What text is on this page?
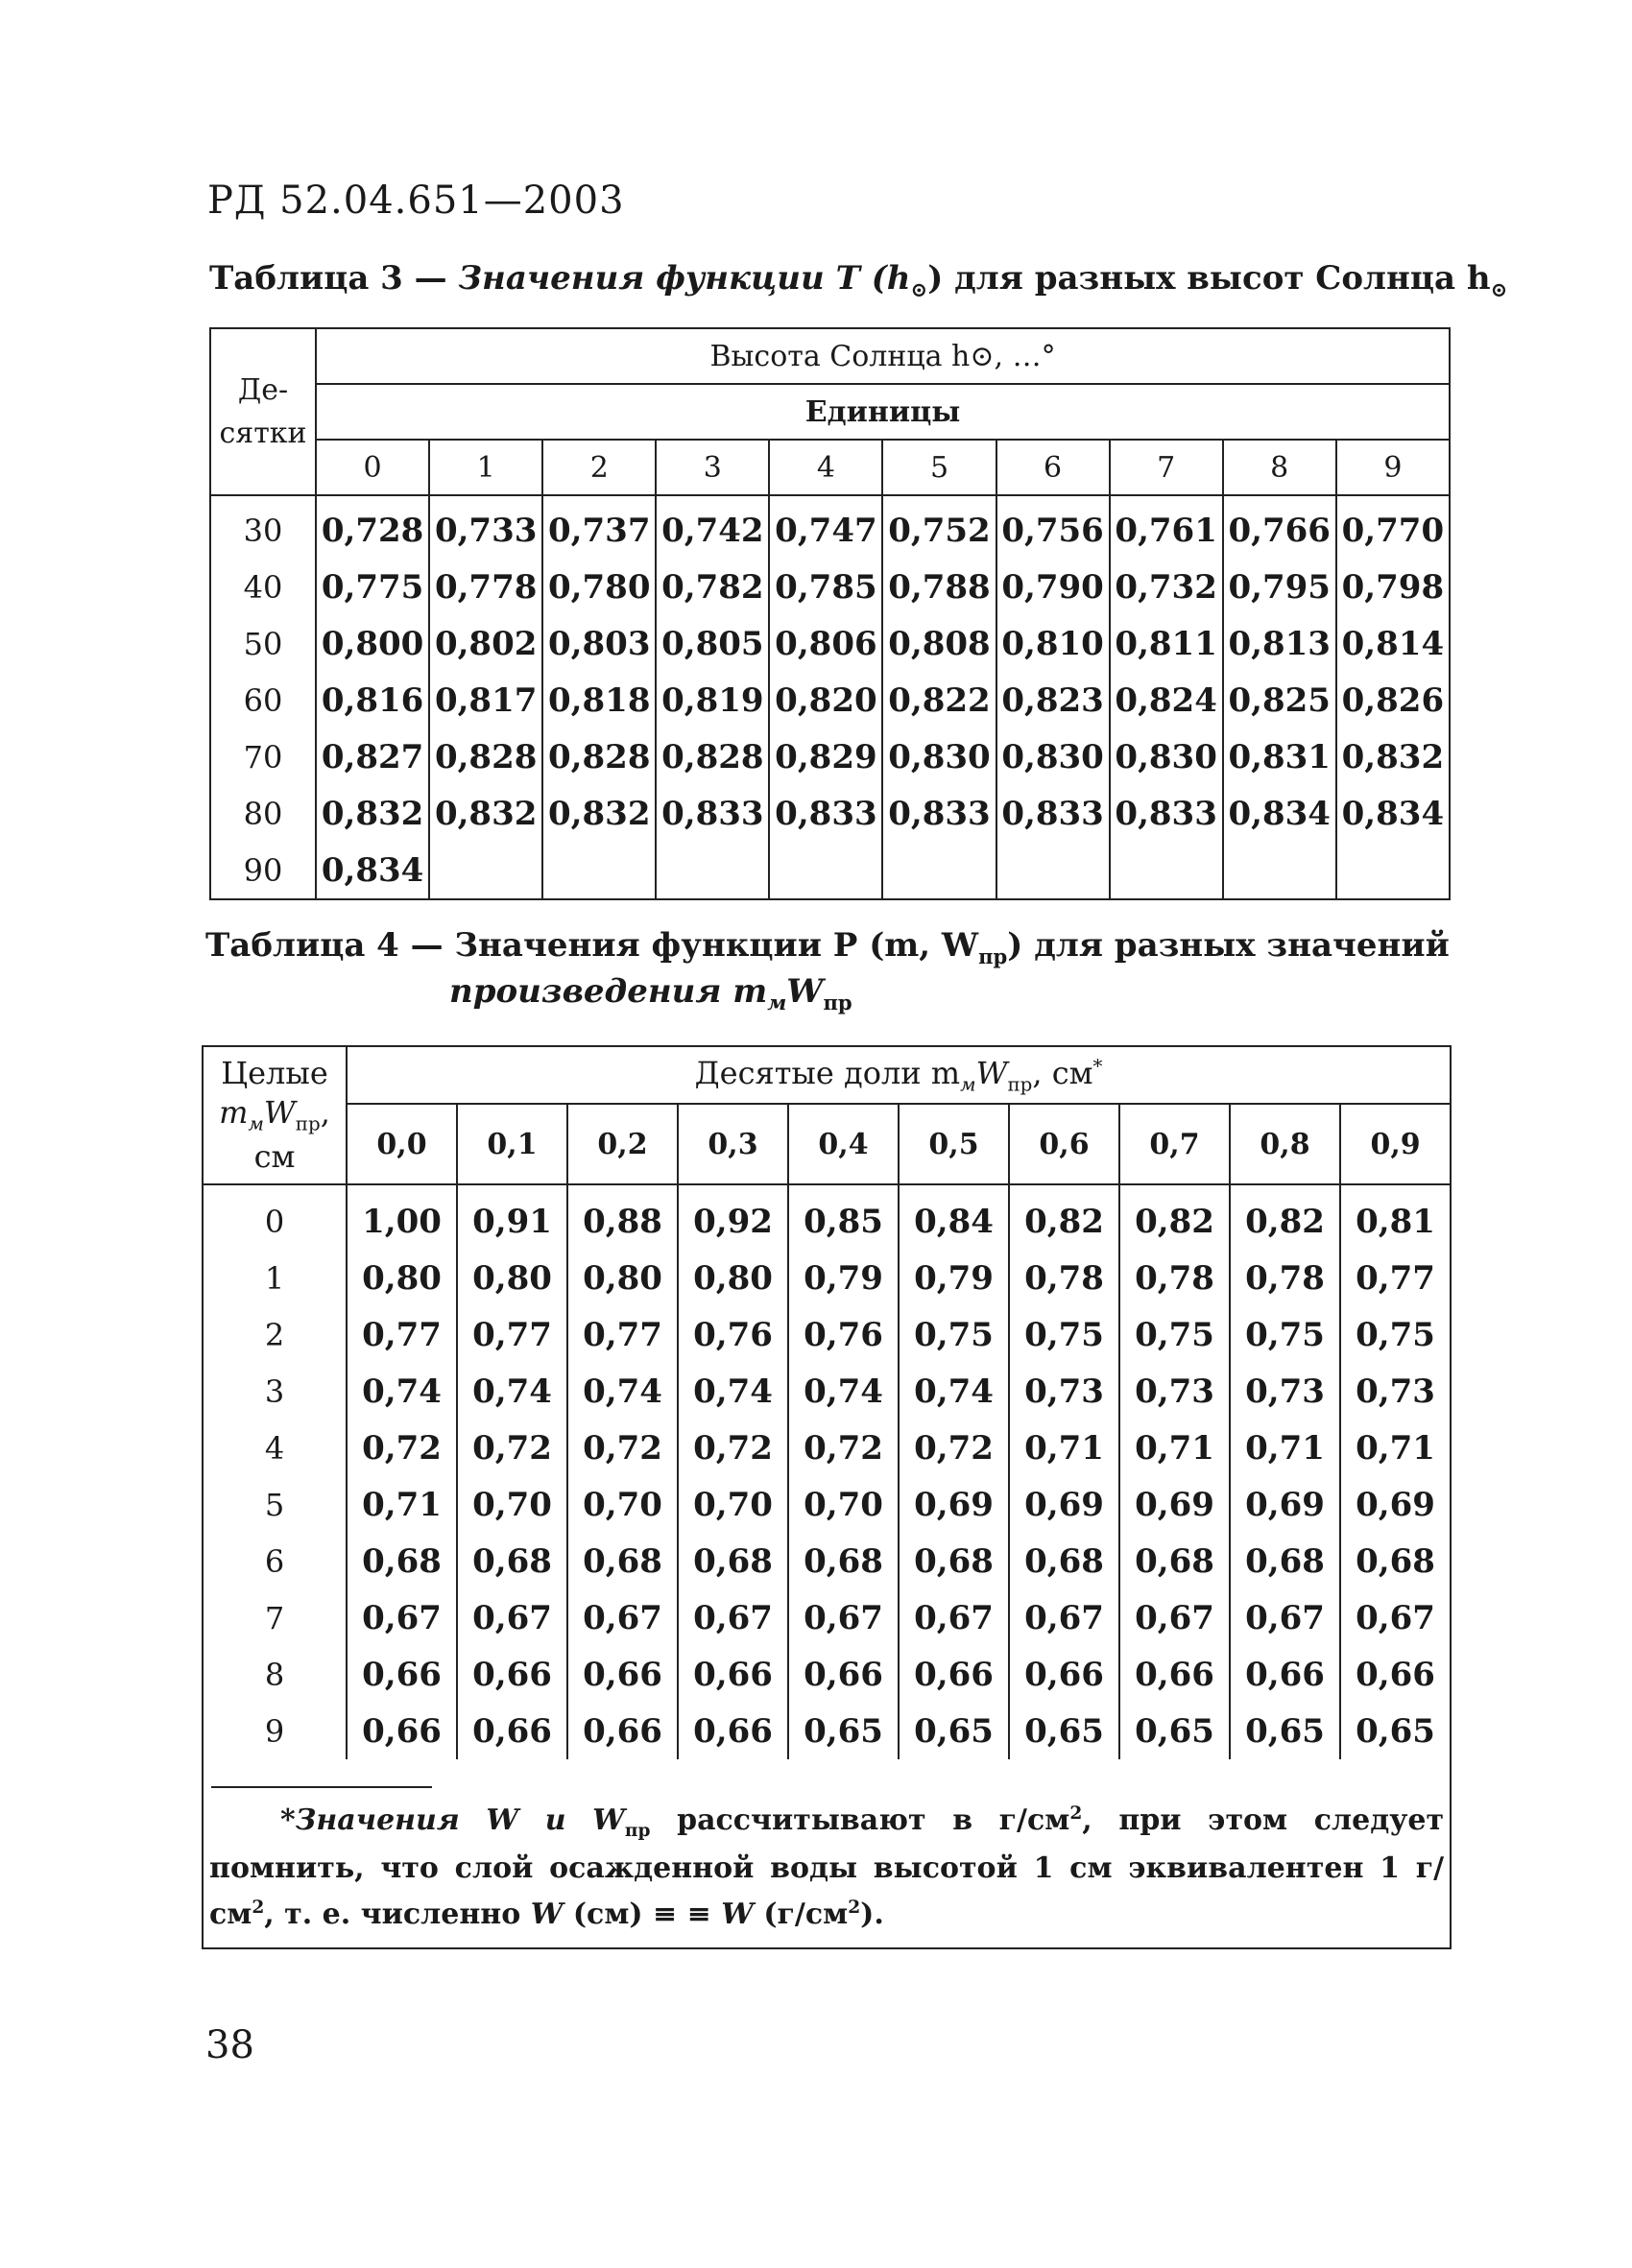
РД 52.04.651—2003
Таблица 3 — Значения функции T $(h_⊙)$ для разных высот Солнца $h_⊙$
Де-
сятки	Высота Солнца h⊙, …°									
	Единицы									
	0	1	2	3	4	5	6	7	8	9
30	0,728	0,733	0,737	0,742	0,747	0,752	0,756	0,761	0,766	0,770
40	0,775	0,778	0,780	0,782	0,785	0,788	0,790	0,732	0,795	0,798
50	0,800	0,802	0,803	0,805	0,806	0,808	0,810	0,811	0,813	0,814
60	0,816	0,817	0,818	0,819	0,820	0,822	0,823	0,824	0,825	0,826
70	0,827	0,828	0,828	0,828	0,829	0,830	0,830	0,830	0,831	0,832
80	0,832	0,832	0,832	0,833	0,833	0,833	0,833	0,833	0,834	0,834
90	0,834									
Таблица 4 — Значения функции P (m, $W_{пр}$) для разных значений
произведения $m_мW_{пр}$
Целые
$m_мW_{пр}$,
см	Десятые доли $m_мW_{пр}$, см*
	0,0	0,1	0,2	0,3	0,4	0,5	0,6	0,7	0,8	0,9
0	1,00	0,91	0,88	0,92	0,85	0,84	0,82	0,82	0,82	0,81
1	0,80	0,80	0,80	0,80	0,79	0,79	0,78	0,78	0,78	0,77
2	0,77	0,77	0,77	0,76	0,76	0,75	0,75	0,75	0,75	0,75
3	0,74	0,74	0,74	0,74	0,74	0,74	0,73	0,73	0,73	0,73
4	0,72	0,72	0,72	0,72	0,72	0,72	0,71	0,71	0,71	0,71
5	0,71	0,70	0,70	0,70	0,70	0,69	0,69	0,69	0,69	0,69
6	0,68	0,68	0,68	0,68	0,68	0,68	0,68	0,68	0,68	0,68
7	0,67	0,67	0,67	0,67	0,67	0,67	0,67	0,67	0,67	0,67
8	0,66	0,66	0,66	0,66	0,66	0,66	0,66	0,66	0,66	0,66
9	0,66	0,66	0,66	0,66	0,65	0,65	0,65	0,65	0,65	0,65

*Значения W и $W_{пр}$ рассчитывают в $г/см^2$, при этом следует помнить, что слой осажденной воды высотой 1 см эквивалентен 1 $г/см^2$, т. е. численно W (см) ≡ ≡ W $(г/см^2)$.										
38
